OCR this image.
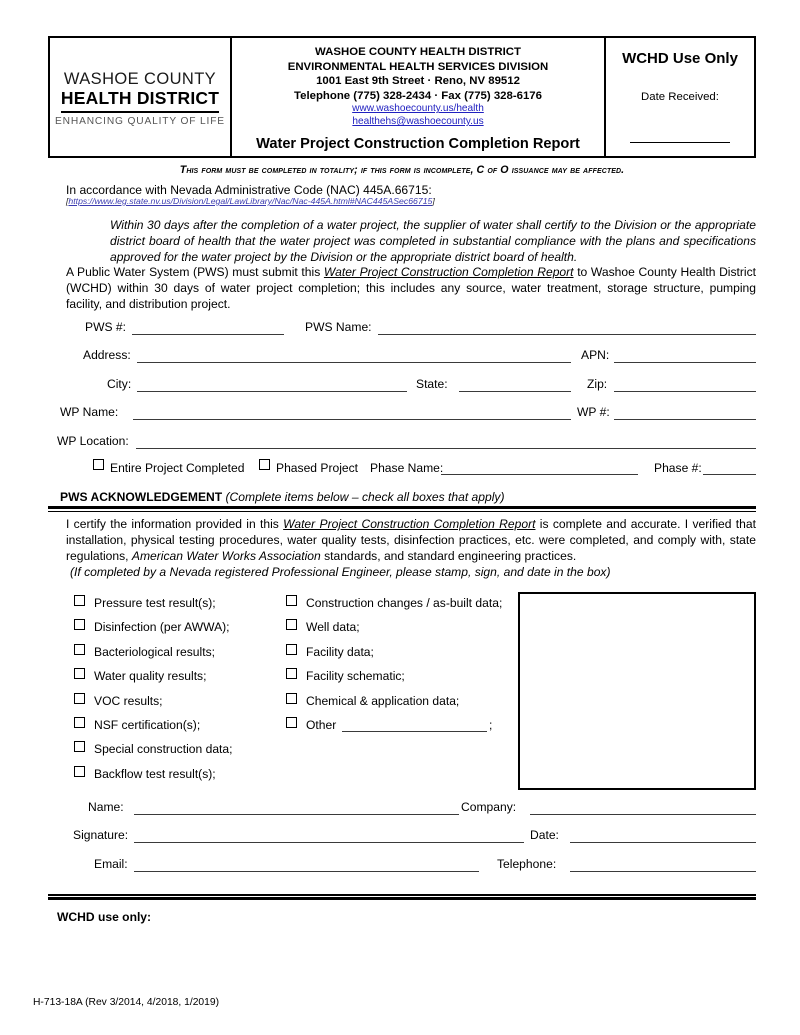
WASHOE COUNTY
HEALTH DISTRICT
ENHANCING QUALITY OF LIFE
WASHOE COUNTY HEALTH DISTRICT
ENVIRONMENTAL HEALTH SERVICES DIVISION
1001 East 9th Street · Reno, NV 89512
Telephone (775) 328-2434 · Fax (775) 328-6176
www.washoecounty.us/health
healthehs@washoecounty.us
Water Project Construction Completion Report
WCHD Use Only
Date Received:
This form must be completed in totality; if this form is incomplete, C of O issuance may be affected.
In accordance with Nevada Administrative Code (NAC) 445A.66715:
[https://www.leg.state.nv.us/Division/Legal/LawLibrary/Nac/Nac-445A.html#NAC445ASec66715]
Within 30 days after the completion of a water project, the supplier of water shall certify to the Division or the appropriate district board of health that the water project was completed in substantial compliance with the plans and specifications approved for the water project by the Division or the appropriate district board of health.
A Public Water System (PWS) must submit this Water Project Construction Completion Report to Washoe County Health District (WCHD) within 30 days of water project completion; this includes any source, water treatment, storage structure, pumping facility, and distribution project.
PWS #:	PWS Name:
Address:	APN:
City:	State:	Zip:
WP Name:	WP #:
WP Location:
Entire Project Completed	Phased Project Phase Name:	Phase #:
PWS ACKNOWLEDGEMENT (Complete items below – check all boxes that apply)
I certify the information provided in this Water Project Construction Completion Report is complete and accurate. I verified that installation, physical testing procedures, water quality tests, disinfection practices, etc. were completed, and comply with, state regulations, American Water Works Association standards, and standard engineering practices.
(If completed by a Nevada registered Professional Engineer, please stamp, sign, and date in the box)
Pressure test result(s);
Disinfection (per AWWA);
Bacteriological results;
Water quality results;
VOC results;
NSF certification(s);
Special construction data;
Backflow test result(s);
Construction changes / as-built data;
Well data;
Facility data;
Facility schematic;
Chemical & application data;
Other	;
Name:	Company:
Signature:	Date:
Email:	Telephone:
WCHD use only:
H-713-18A (Rev 3/2014, 4/2018, 1/2019)
